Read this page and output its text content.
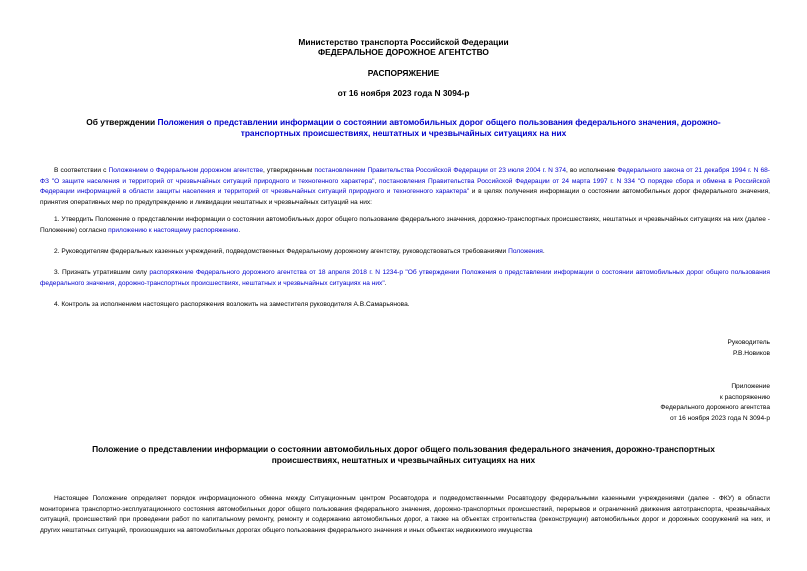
Министерство транспорта Российской Федерации
ФЕДЕРАЛЬНОЕ ДОРОЖНОЕ АГЕНТСТВО
РАСПОРЯЖЕНИЕ
от 16 ноября 2023 года N 3094-р
Об утверждении Положения о представлении информации о состоянии автомобильных дорог общего пользования федерального значения, дорожно-транспортных происшествиях, нештатных и чрезвычайных ситуациях на них
В соответствии с Положением о Федеральном дорожном агентстве, утвержденным постановлением Правительства Российской Федерации от 23 июля 2004 г. N 374, во исполнение Федерального закона от 21 декабря 1994 г. N 68-ФЗ "О защите населения и территорий от чрезвычайных ситуаций природного и техногенного характера", постановления Правительства Российской Федерации от 24 марта 1997 г. N 334 "О порядке сбора и обмена в Российской Федерации информацией в области защиты населения и территорий от чрезвычайных ситуаций природного и техногенного характера" и в целях получения информации о состоянии автомобильных дорог федерального значения, принятия оперативных мер по предупреждению и ликвидации нештатных и чрезвычайных ситуаций на них:
1. Утвердить Положение о представлении информации о состоянии автомобильных дорог общего пользование федерального значения, дорожно-транспортных происшествиях, нештатных и чрезвычайных ситуациях на них (далее - Положение) согласно приложению к настоящему распоряжению.
2. Руководителям федеральных казенных учреждений, подведомственных Федеральному дорожному агентству, руководствоваться требованиями Положения.
3. Признать утратившим силу распоряжение Федерального дорожного агентства от 18 апреля 2018 г. N 1234-р "Об утверждении Положения о представлении информации о состоянии автомобильных дорог общего пользования федерального значения, дорожно-транспортных происшествиях, нештатных и чрезвычайных ситуациях на них".
4. Контроль за исполнением настоящего распоряжения возложить на заместителя руководителя А.В.Самарьянова.
Руководитель
Р.В.Новиков
Приложение
к распоряжению
Федерального дорожного агентства
от 16 ноября 2023 года N 3094-р
Положение о представлении информации о состоянии автомобильных дорог общего пользования федерального значения, дорожно-транспортных происшествиях, нештатных и чрезвычайных ситуациях на них
Настоящее Положение определяет порядок информационного обмена между Ситуационным центром Росавтодора и подведомственными Росавтодору федеральными казенными учреждениями (далее - ФКУ) в области мониторинга транспортно-эксплуатационного состояния автомобильных дорог общего пользования федерального значения, дорожно-транспортных происшествий, перерывов и ограничений движения автотранспорта, чрезвычайных ситуаций, происшествий при проведении работ по капитальному ремонту, ремонту и содержанию автомобильных дорог, а также на объектах строительства (реконструкции) автомобильных дорог и дорожных сооружений на них, и других нештатных ситуаций, произошедших на автомобильных дорогах общего пользования федерального значения и иных объектах недвижимого имущества
